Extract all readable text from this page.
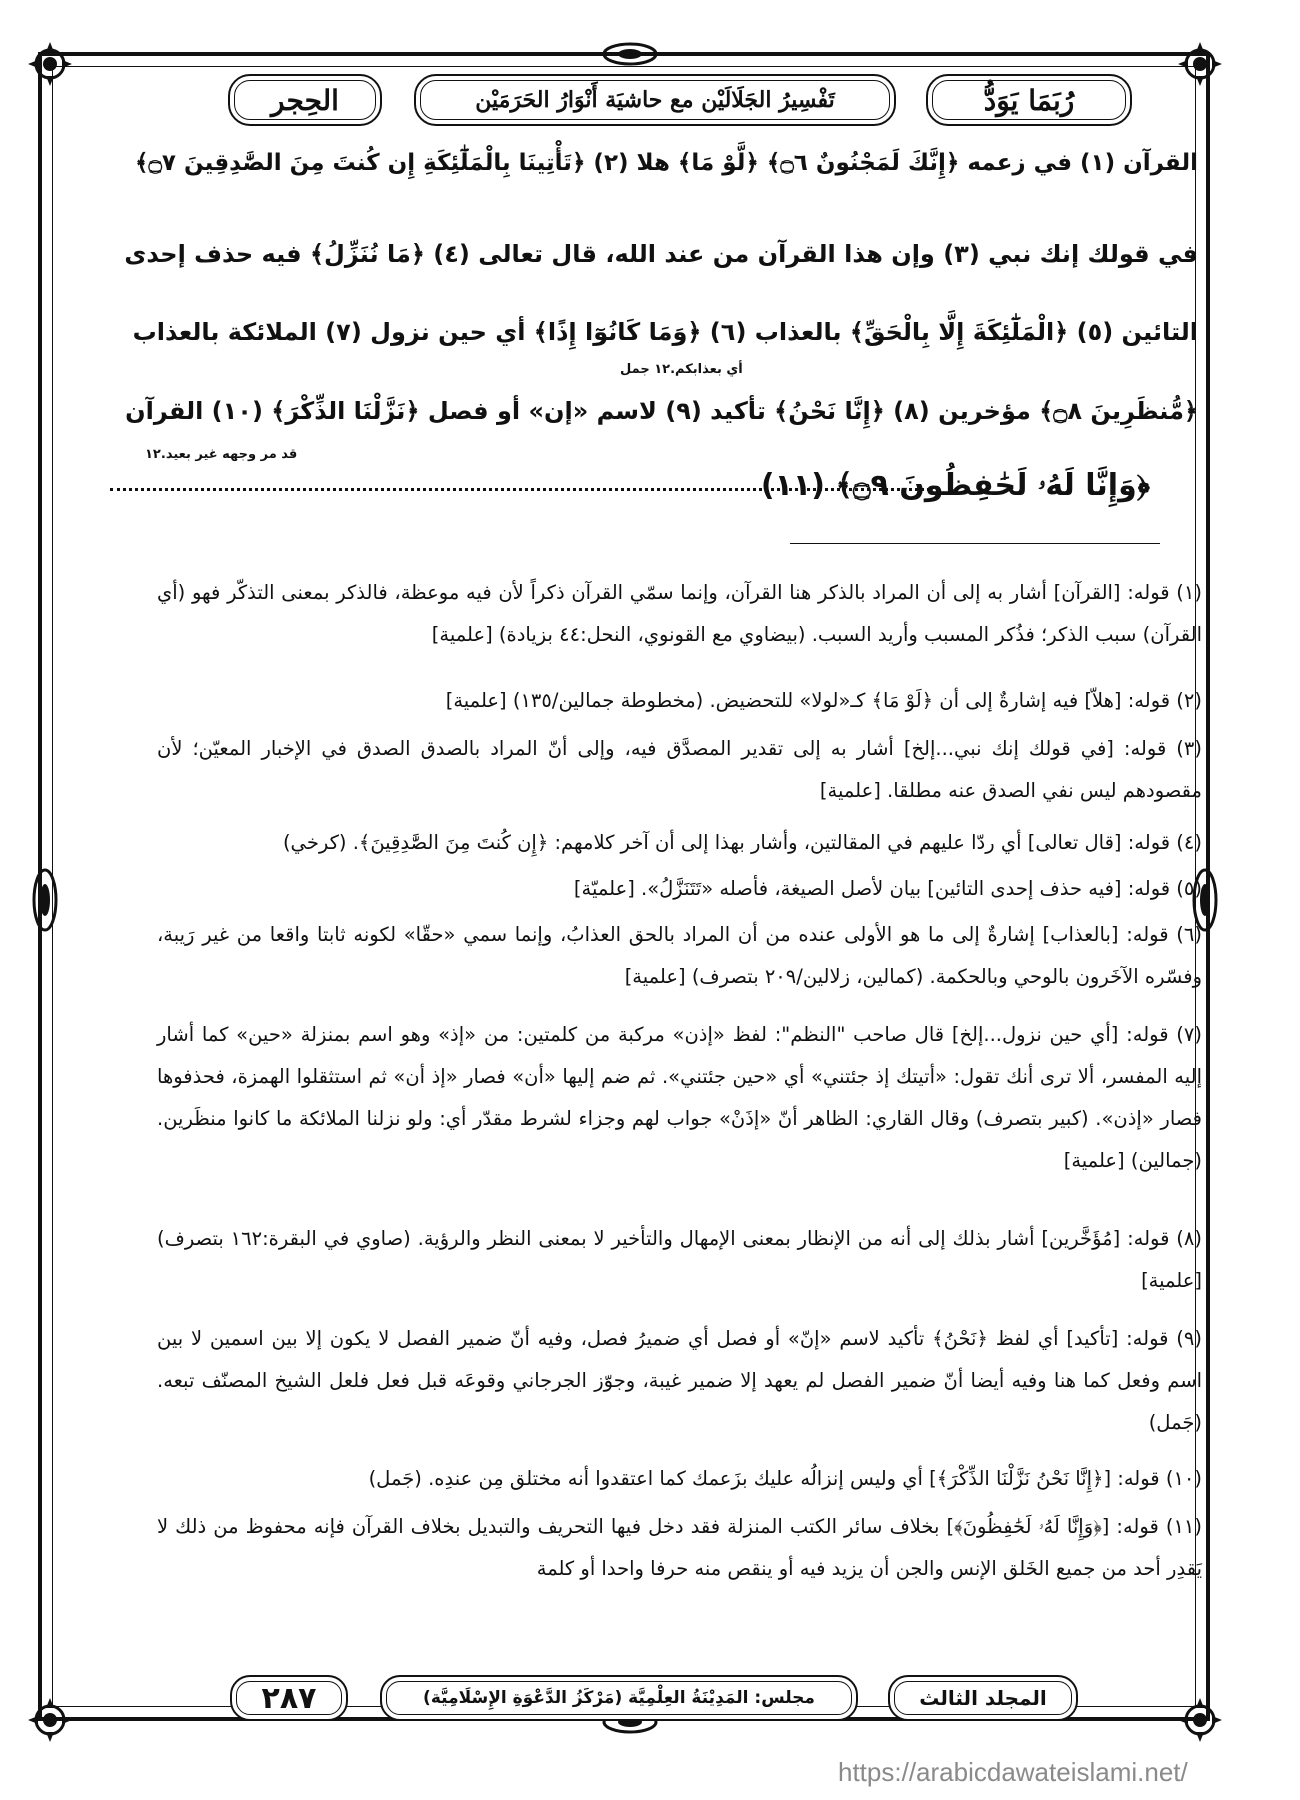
رُبَمَا يَوَدُّ
تَفْسِيرُ الجَلَالَيْن مع حاشيَة أَنْوَارُ الحَرَمَيْن
الحِجر
القرآن (١) في زعمه ﴿إِنَّكَ لَمَجْنُونٌ ۝٦﴾ ﴿لَّوْ مَا﴾ هلا (٢) ﴿تَأْتِينَا بِالْمَلَٰٓئِكَةِ إِن كُنتَ مِنَ الصَّٰدِقِينَ ۝٧﴾
في قولك إنك نبي (٣) وإن هذا القرآن من عند الله، قال تعالى (٤) ﴿مَا نُنَزِّلُ﴾ فيه حذف إحدى
التائين (٥) ﴿الْمَلَٰٓئِكَةَ إِلَّا بِالْحَقِّ﴾ بالعذاب (٦) ﴿وَمَا كَانُوٓا إِذًا﴾ أي حين نزول (٧) الملائكة بالعذاب
أي بعذابكم.١٢ جمل
﴿مُّنظَرِينَ ۝٨﴾ مؤخرين (٨) ﴿إِنَّا نَحْنُ﴾ تأكيد (٩) لاسم «إن» أو فصل ﴿نَزَّلْنَا الذِّكْرَ﴾ (١٠) القرآن
قد مر وجهه غير بعيد.١٢
﴿وَإِنَّا لَهُۥ لَحَٰفِظُونَ ۝٩﴾ (١١)
(١) قوله: [القرآن] أشار به إلى أن المراد بالذكر هنا القرآن، وإنما سمّي القرآن ذكراً لأن فيه موعظة، فالذكر بمعنى التذكّر فهو (أي القرآن) سبب الذكر؛ فذُكر المسبب وأريد السبب. (بيضاوي مع القونوي، النحل:٤٤ بزيادة) [علمية]
(٢) قوله: [هلاّ] فيه إشارةٌ إلى أن ﴿لَوْ مَا﴾ كـ«لولا» للتحضيض. (مخطوطة جمالين/١٣٥) [علمية]
(٣) قوله: [في قولك إنك نبي...إلخ] أشار به إلى تقدير المصدَّق فيه، وإلى أنّ المراد بالصدق الصدق في الإخبار المعيّن؛ لأن مقصودهم ليس نفي الصدق عنه مطلقا. [علمية]
(٤) قوله: [قال تعالى] أي ردّا عليهم في المقالتين، وأشار بهذا إلى أن آخر كلامهم: ﴿إِن كُنتَ مِنَ الصَّٰدِقِينَ﴾. (كرخي)
(٥) قوله: [فيه حذف إحدى التائين] بيان لأصل الصيغة، فأصله «تَتَنَزَّلُ». [علميّة]
(٦) قوله: [بالعذاب] إشارةٌ إلى ما هو الأولى عنده من أن المراد بالحق العذابُ، وإنما سمي «حقّا» لكونه ثابتا واقعا من غير رَيبة، وفسّره الآخَرون بالوحي وبالحكمة. (كمالين، زلالين/٢٠٩ بتصرف) [علمية]
(٧) قوله: [أي حين نزول...إلخ] قال صاحب "النظم": لفظ «إذن» مركبة من كلمتين: من «إذ» وهو اسم بمنزلة «حين» كما أشار إليه المفسر، ألا ترى أنك تقول: «أتيتك إذ جئتني» أي «حين جئتني». ثم ضم إليها «أن» فصار «إذ أن» ثم استثقلوا الهمزة، فحذفوها فصار «إذن». (كبير بتصرف) وقال القاري: الظاهر أنّ «إذَنْ» جواب لهم وجزاء لشرط مقدّر أي: ولو نزلنا الملائكة ما كانوا منظَرين. (جمالين) [علمية]
(٨) قوله: [مُؤَخَّرين] أشار بذلك إلى أنه من الإنظار بمعنى الإمهال والتأخير لا بمعنى النظر والرؤية. (صاوي في البقرة:١٦٢ بتصرف) [علمية]
(٩) قوله: [تأكيد] أي لفظ ﴿نَحْنُ﴾ تأكيد لاسم «إنّ» أو فصل أي ضميرُ فصل، وفيه أنّ ضمير الفصل لا يكون إلا بين اسمين لا بين اسم وفعل كما هنا وفيه أيضا أنّ ضمير الفصل لم يعهد إلا ضمير غيبة، وجوّز الجرجاني وقوعَه قبل فعل فلعل الشيخ المصنّف تبعه. (جَمل)
(١٠) قوله: [﴿إِنَّا نَحْنُ نَزَّلْنَا الذِّكْرَ﴾] أي وليس إنزالُه عليك بزَعمك كما اعتقدوا أنه مختلق مِن عندِه. (جَمل)
(١١) قوله: [﴿وَإِنَّا لَهُۥ لَحَٰفِظُونَ﴾] بخلاف سائر الكتب المنزلة فقد دخل فيها التحريف والتبديل بخلاف القرآن فإنه محفوظ من ذلك لا يَقدِر أحد من جميع الخَلق الإنس والجن أن يزيد فيه أو ينقص منه حرفا واحدا أو كلمة
المجلد الثالث
مجلس: المَدِيْنَةُ العِلْمِيَّة (مَرْكَزُ الدَّعْوَةِ الإِسْلَامِيَّة)
٢٨٧
https://arabicdawateislami.net/
